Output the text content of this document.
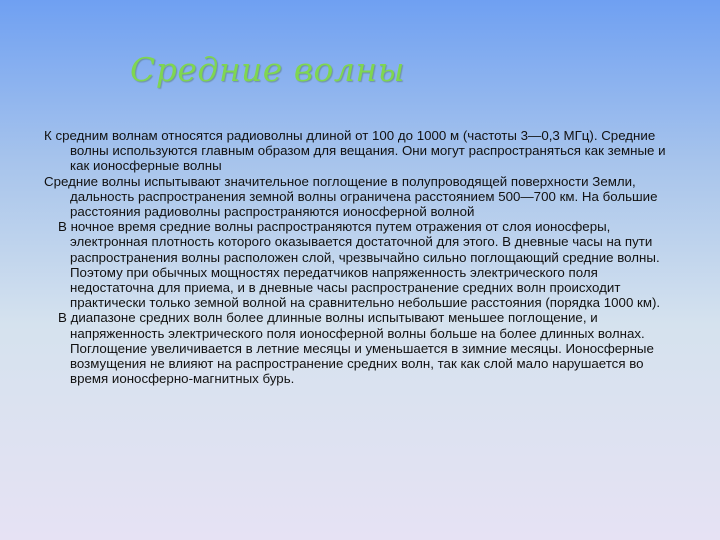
Средние волны

К средним волнам относятся радиоволны длиной от 100 до 1000 м (частоты 3—0,3 МГц). Средние волны используются главным образом для вещания. Они могут распространяться как земные и как ионосферные волны

Средние волны испытывают значительное поглощение в полупроводящей поверхности Земли, дальность распространения земной волны ограничена расстоянием 500—700 км. На большие расстояния радиоволны распространяются ионосферной волной

В ночное время средние волны распространяются путем отражения от слоя ионосферы, электронная плотность которого оказывается достаточной для этого. В дневные часы на пути распространения волны расположен слой, чрезвычайно сильно поглощающий средние волны. Поэтому при обычных мощностях передатчиков напряженность электрического поля недостаточна для приема, и в дневные часы распространение средних волн происходит практически только земной волной на сравнительно небольшие расстояния (порядка 1000 км).

В диапазоне средних волн более длинные волны испытывают меньшее поглощение, и напряженность электрического поля ионосферной волны больше на более длинных волнах. Поглощение увеличивается в летние месяцы и уменьшается в зимние месяцы. Ионосферные возмущения не влияют на распространение средних волн, так как слой мало нарушается во время ионосферно-магнитных бурь.
